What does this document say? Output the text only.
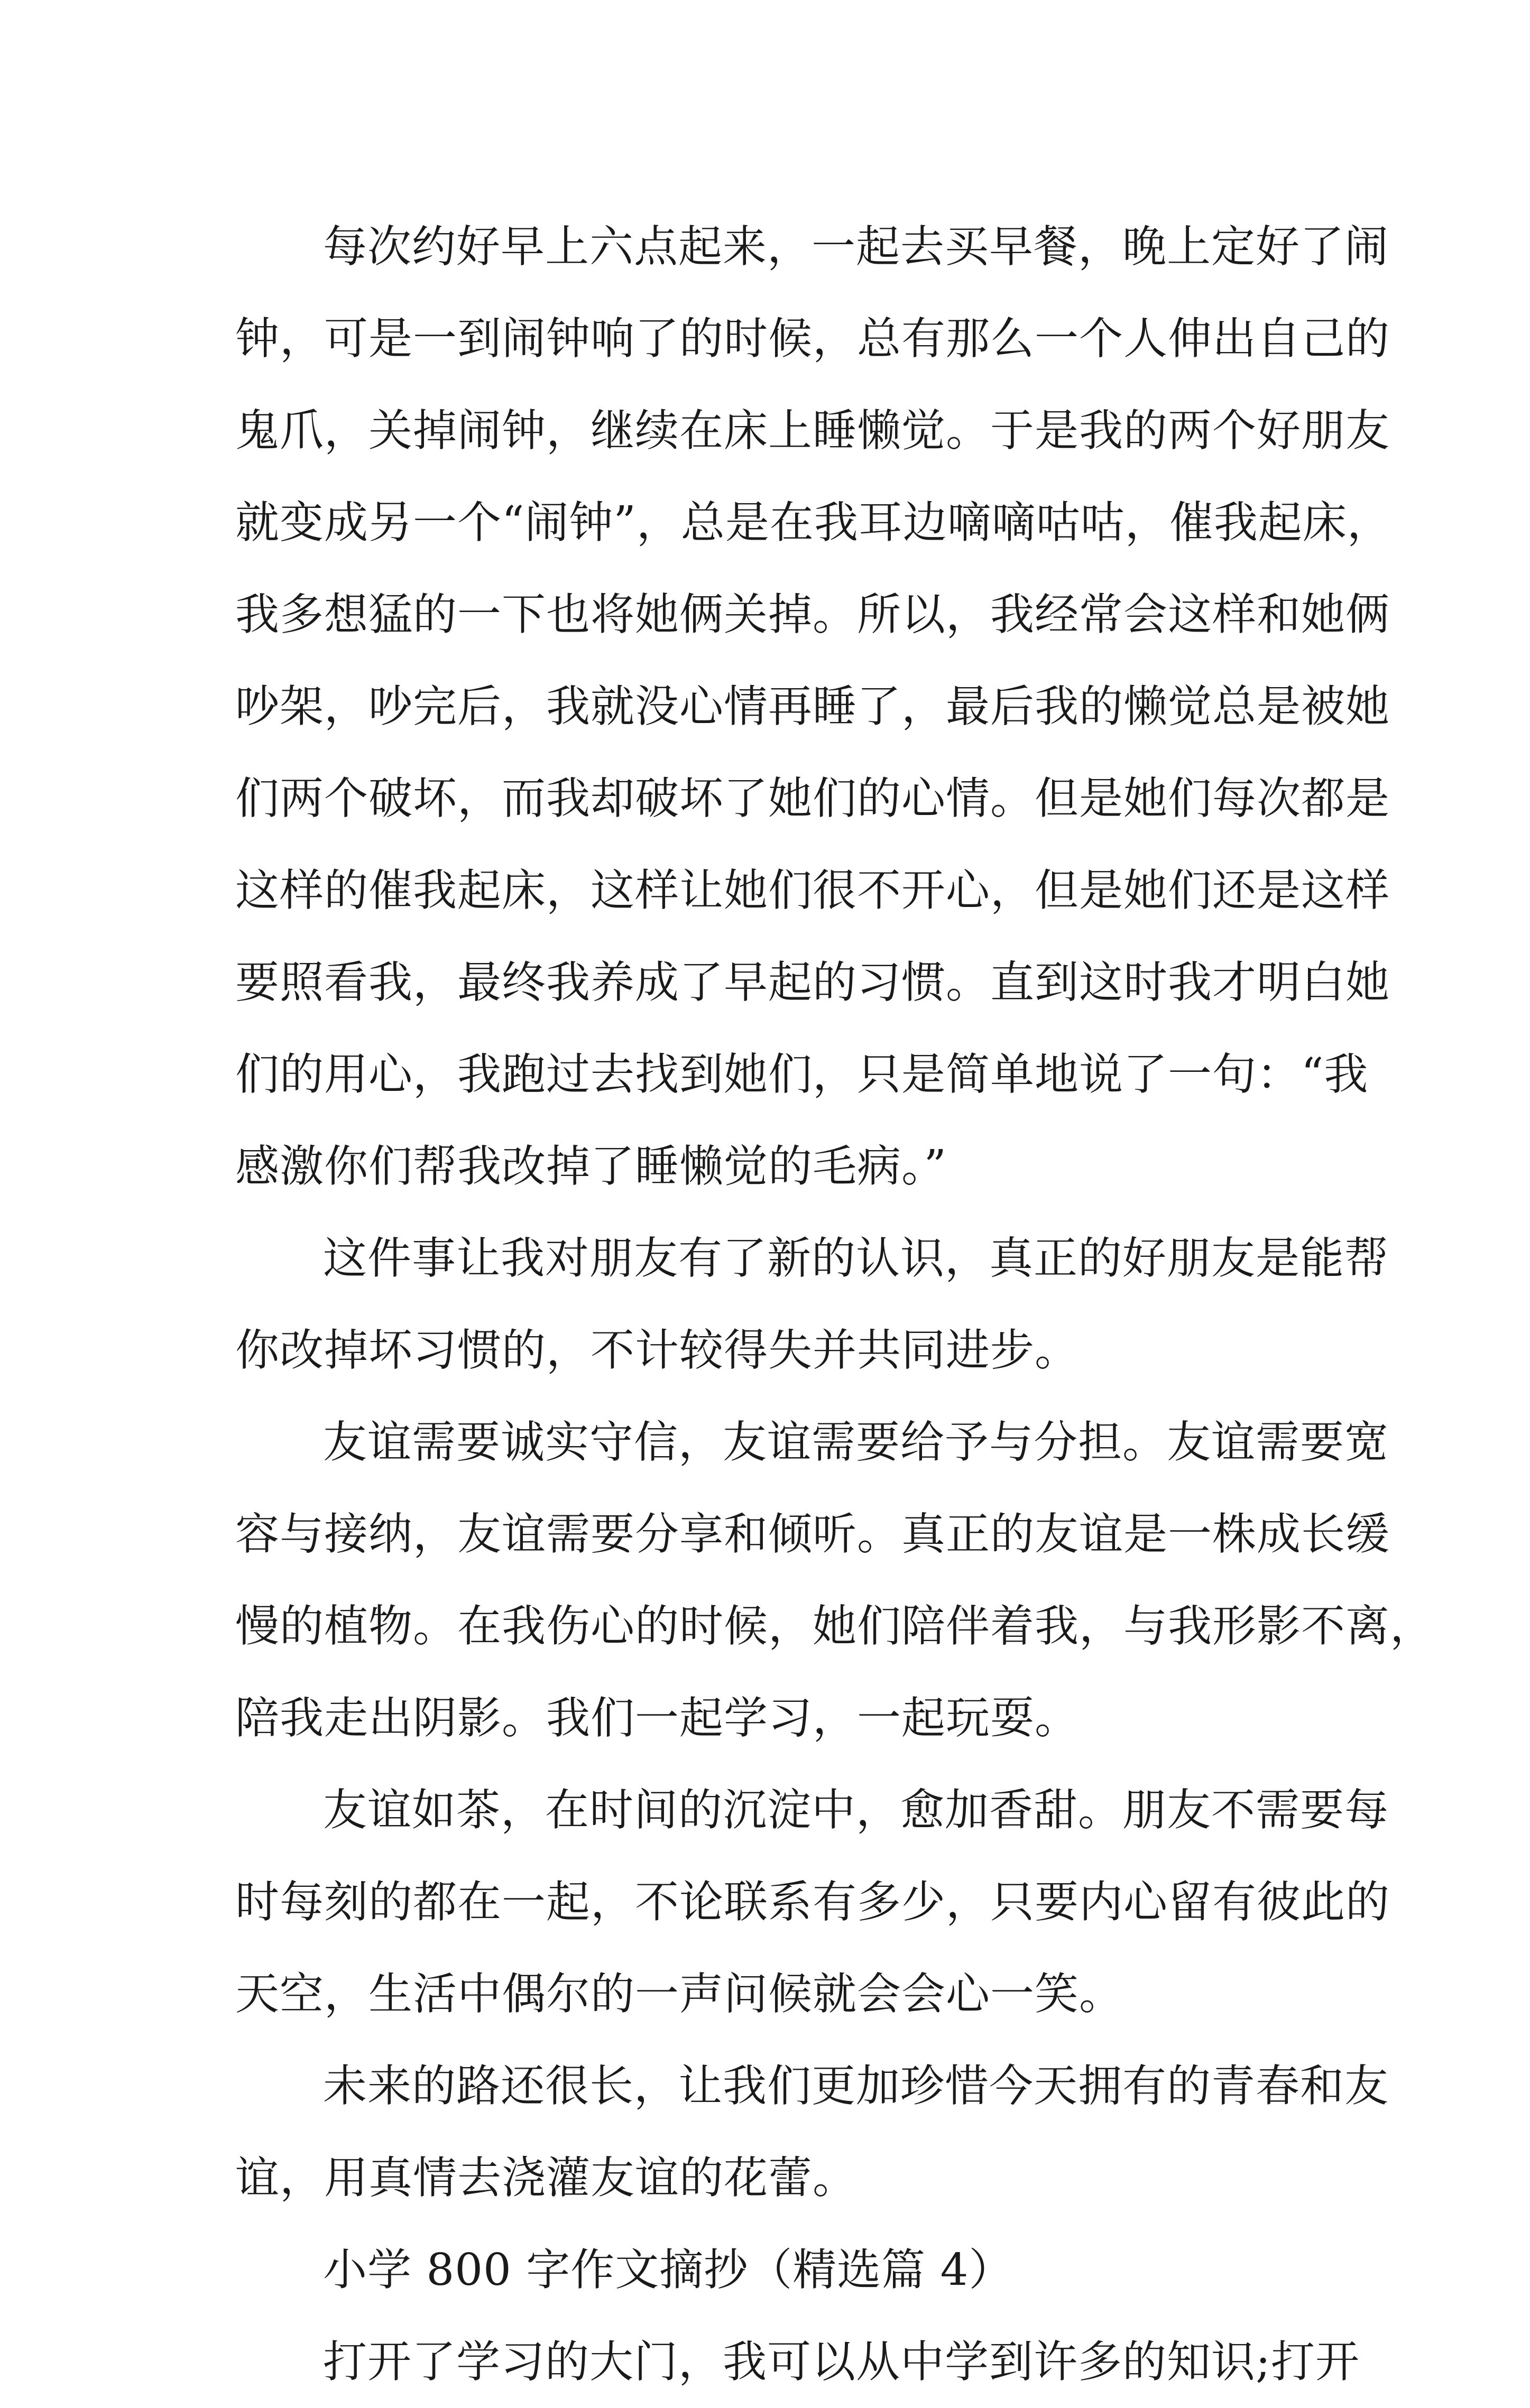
每次约好早上六点起来，一起去买早餐，晚上定好了闹
钟，可是一到闹钟响了的时候，总有那么一个人伸出自己的
鬼爪，关掉闹钟，继续在床上睡懒觉。于是我的两个好朋友
就变成另一个“闹钟”，总是在我耳边嘀嘀咕咕，催我起床，
我多想猛的一下也将她俩关掉。所以，我经常会这样和她俩
吵架，吵完后，我就没心情再睡了，最后我的懒觉总是被她
们两个破坏，而我却破坏了她们的心情。但是她们每次都是
这样的催我起床，这样让她们很不开心，但是她们还是这样
要照看我，最终我养成了早起的习惯。直到这时我才明白她
们的用心，我跑过去找到她们，只是简单地说了一句：“我
感激你们帮我改掉了睡懒觉的毛病。”
这件事让我对朋友有了新的认识，真正的好朋友是能帮
你改掉坏习惯的，不计较得失并共同进步。
友谊需要诚实守信，友谊需要给予与分担。友谊需要宽
容与接纳，友谊需要分享和倾听。真正的友谊是一株成长缓
慢的植物。在我伤心的时候，她们陪伴着我，与我形影不离，
陪我走出阴影。我们一起学习，一起玩耍。
友谊如茶，在时间的沉淀中，愈加香甜。朋友不需要每
时每刻的都在一起，不论联系有多少，只要内心留有彼此的
天空，生活中偶尔的一声问候就会会心一笑。
未来的路还很长，让我们更加珍惜今天拥有的青春和友
谊，用真情去浇灌友谊的花蕾。
小学 800 字作文摘抄（精选篇 4）
打开了学习的大门，我可以从中学到许多的知识;打开
